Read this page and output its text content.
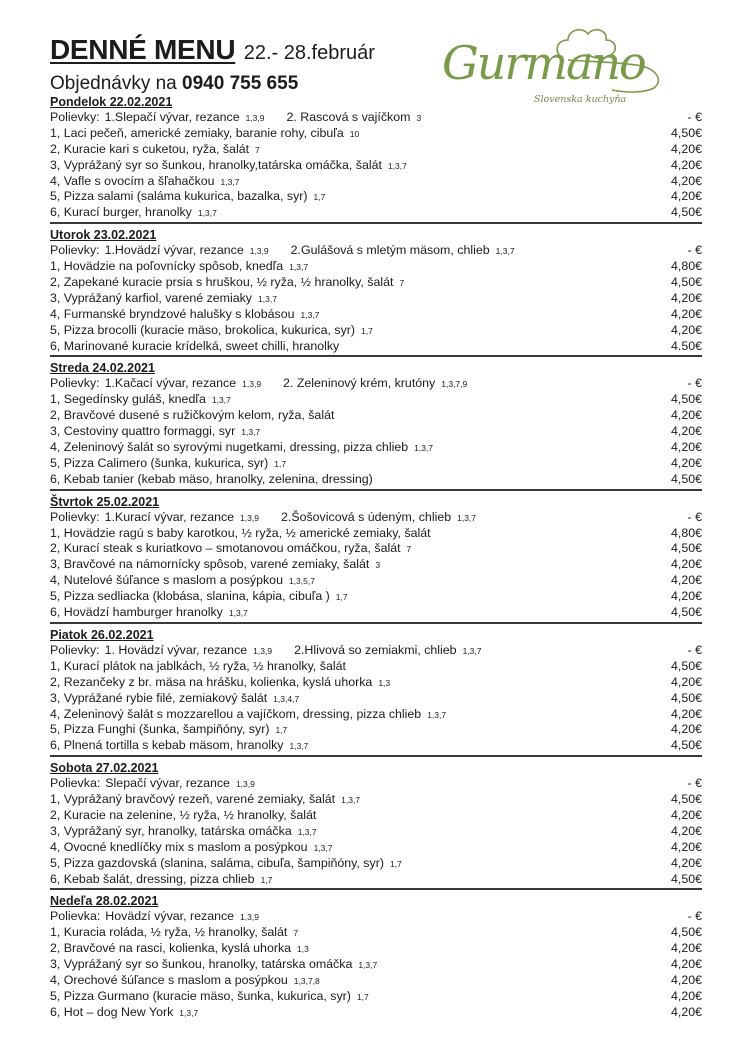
DENNÉ MENU 22.- 28.február
Objednávky na 0940 755 655	Gurmano
Slovenska kuchyňa
Pondelok 22.02.2021
Polievky: 1.Slepačí vývar, rezance 1,3,9 2. Rascová s vajíčkom 3	- €
1, Laci pečeň, americké zemiaky, baranie rohy, cibuľa 10	4,50€
2, Kuracie kari s cuketou, ryža, šalát 7	4,20€
3, Vyprážaný syr so šunkou, hranolky,tatárska omáčka, šalát 1,3,7	4,20€
4, Vafle s ovocím a šľahačkou 1,3,7	4,20€
5, Pizza salami (saláma kukurica, bazalka, syr) 1,7	4,20€
6, Kurací burger, hranolky 1,3,7	4,50€
Utorok 23.02.2021
Polievky: 1.Hovädzí vývar, rezance 1,3,9 2.Gulášová s mletým mäsom, chlieb 1,3,7	- €
1, Hovädzie na poľovnícky spôsob, knedľa 1,3,7	4,80€
2, Zapekané kuracie prsia s hruškou, ½ ryža, ½ hranolky, šalát 7	4,50€
3, Vyprážaný karfiol, varené zemiaky 1,3,7	4,20€
4, Furmanské bryndzové halušky s klobásou 1,3,7	4,20€
5, Pizza brocolli (kuracie mäso, brokolica, kukurica, syr) 1,7	4,20€
6, Marinované kuracie krídelká, sweet chilli, hranolky	4.50€
Streda 24.02.2021
Polievky: 1.Kačací vývar, rezance 1,3,9 2. Zeleninový krém, krutóny 1,3,7,9	- €
1, Segedínsky guláš, knedľa 1,3,7	4,50€
2, Bravčové dusené s ružičkovým kelom, ryža, šalát	4,20€
3, Cestoviny quattro formaggi, syr 1,3,7	4,20€
4, Zeleninový šalát so syrovými nugetkami, dressing, pizza chlieb 1,3,7	4,20€
5, Pizza Calimero (šunka, kukurica, syr) 1,7	4,20€
6, Kebab tanier (kebab mäso, hranolky, zelenina, dressing)	4,50€
Štvrtok 25.02.2021
Polievky: 1.Kurací vývar, rezance 1,3,9 2.Šošovicová s údeným, chlieb 1,3,7	- €
1, Hovädzie ragú s baby karotkou, ½ ryža, ½ americké zemiaky, šalát	4,80€
2, Kurací steak s kuriatkovo – smotanovou omáčkou, ryža, šalát 7	4,50€
3, Bravčové na námornícky spôsob, varené zemiaky, šalát 3	4,20€
4, Nutelové šúľance s maslom a posýpkou 1,3,5,7	4,20€
5, Pizza sedliacka (klobása, slanina, kápia, cibuľa ) 1,7	4,20€
6, Hovädzí hamburger hranolky 1,3,7	4,50€
Piatok 26.02.2021
Polievky: 1. Hovädzí vývar, rezance 1,3,9 2.Hlivová so zemiakmi, chlieb 1,3,7	- €
1, Kurací plátok na jablkách, ½ ryža, ½ hranolky, šalát	4,50€
2, Rezančeky z br. mäsa na hrášku, kolienka, kyslá uhorka 1,3	4,20€
3, Vyprážané rybie filé, zemiakový šalát 1,3,4,7	4,50€
4, Zeleninový šalát s mozzarellou a vajíčkom, dressing, pizza chlieb 1,3,7	4,20€
5, Pizza Funghi (šunka, šampiňóny, syr) 1,7	4,20€
6, Plnená tortilla s kebab mäsom, hranolky 1,3,7	4,50€
Sobota 27.02.2021
Polievka: Slepačí vývar, rezance 1,3,9	- €
1, Vyprážaný bravčový rezeň, varené zemiaky, šalát 1,3,7	4,50€
2, Kuracie na zelenine, ½ ryža, ½ hranolky, šalát	4,20€
3, Vyprážaný syr, hranolky, tatárska omáčka 1,3,7	4,20€
4, Ovocné knedlíčky mix s maslom a posýpkou 1,3,7	4,20€
5, Pizza gazdovská (slanina, saláma, cibuľa, šampiňóny, syr) 1,7	4,20€
6, Kebab šalát, dressing, pizza chlieb 1,7	4,50€
Nedeľa 28.02.2021
Polievka: Hovädzí vývar, rezance 1,3,9	- €
1, Kuracia roláda, ½ ryža, ½ hranolky, šalát 7	4,50€
2, Bravčové na rasci, kolienka, kyslá uhorka 1,3	4,20€
3, Vyprážaný syr so šunkou, hranolky, tatárska omáčka 1,3,7	4,20€
4, Orechové šúľance s maslom a posýpkou 1,3,7,8	4,20€
5, Pizza Gurmano (kuracie mäso, šunka, kukurica, syr) 1,7	4,20€
6, Hot – dog New York 1,3,7	4,20€
